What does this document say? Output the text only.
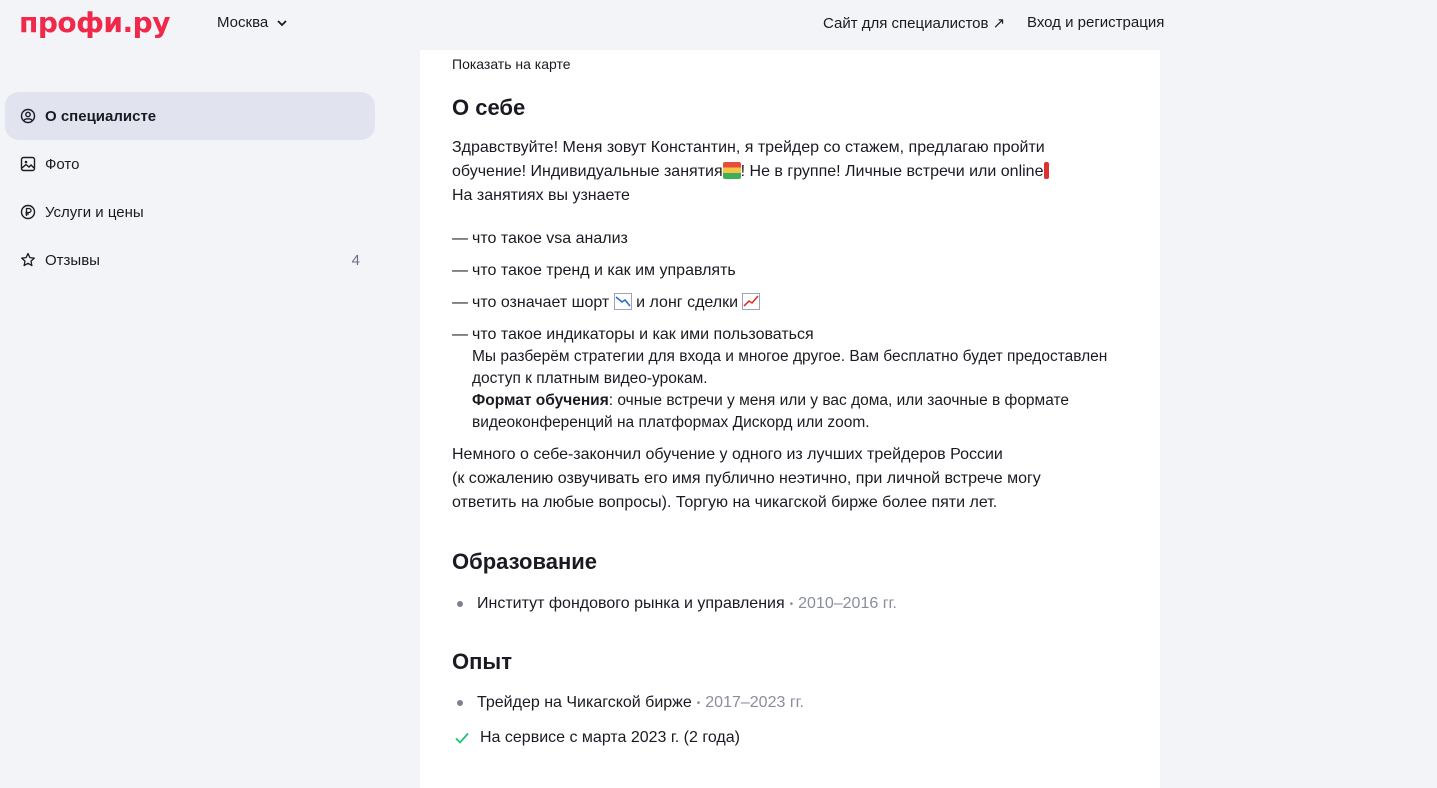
профи.ру	Москва	Сайт для специалистов ↗ Вход и регистрация
О специалисте
Фото
Услуги и цены
Отзывы	4
Показать на карте
О себе
Здравствуйте! Меня зовут Константин, я трейдер со стажем, предлагаю пройти
обучение! Индивидуальные занятия ! Не в группе! Личные встречи или online
На занятиях вы узнаете
— что такое vsa анализ
— что такое тренд и как им управлять
— что означает шорт  и лонг сделки
— что такое индикаторы и как ими пользоваться
Мы разберём стратегии для входа и многое другое. Вам бесплатно будет предоставлен доступ к платным видео-урокам.
Формат обучения: очные встречи у меня или у вас дома, или заочные в формате видеоконференций на платформах Дискорд или zoom.
Немного о себе-закончил обучение у одного из лучших трейдеров России
(к сожалению озвучивать его имя публично неэтично, при личной встрече могу
ответить на любые вопросы). Торгую на чикагской бирже более пяти лет.
Образование
Институт фондового рынка и управления • 2010–2016 гг.
Опыт
Трейдер на Чикагской бирже • 2017–2023 гг.
На сервисе с марта 2023 г. (2 года)
